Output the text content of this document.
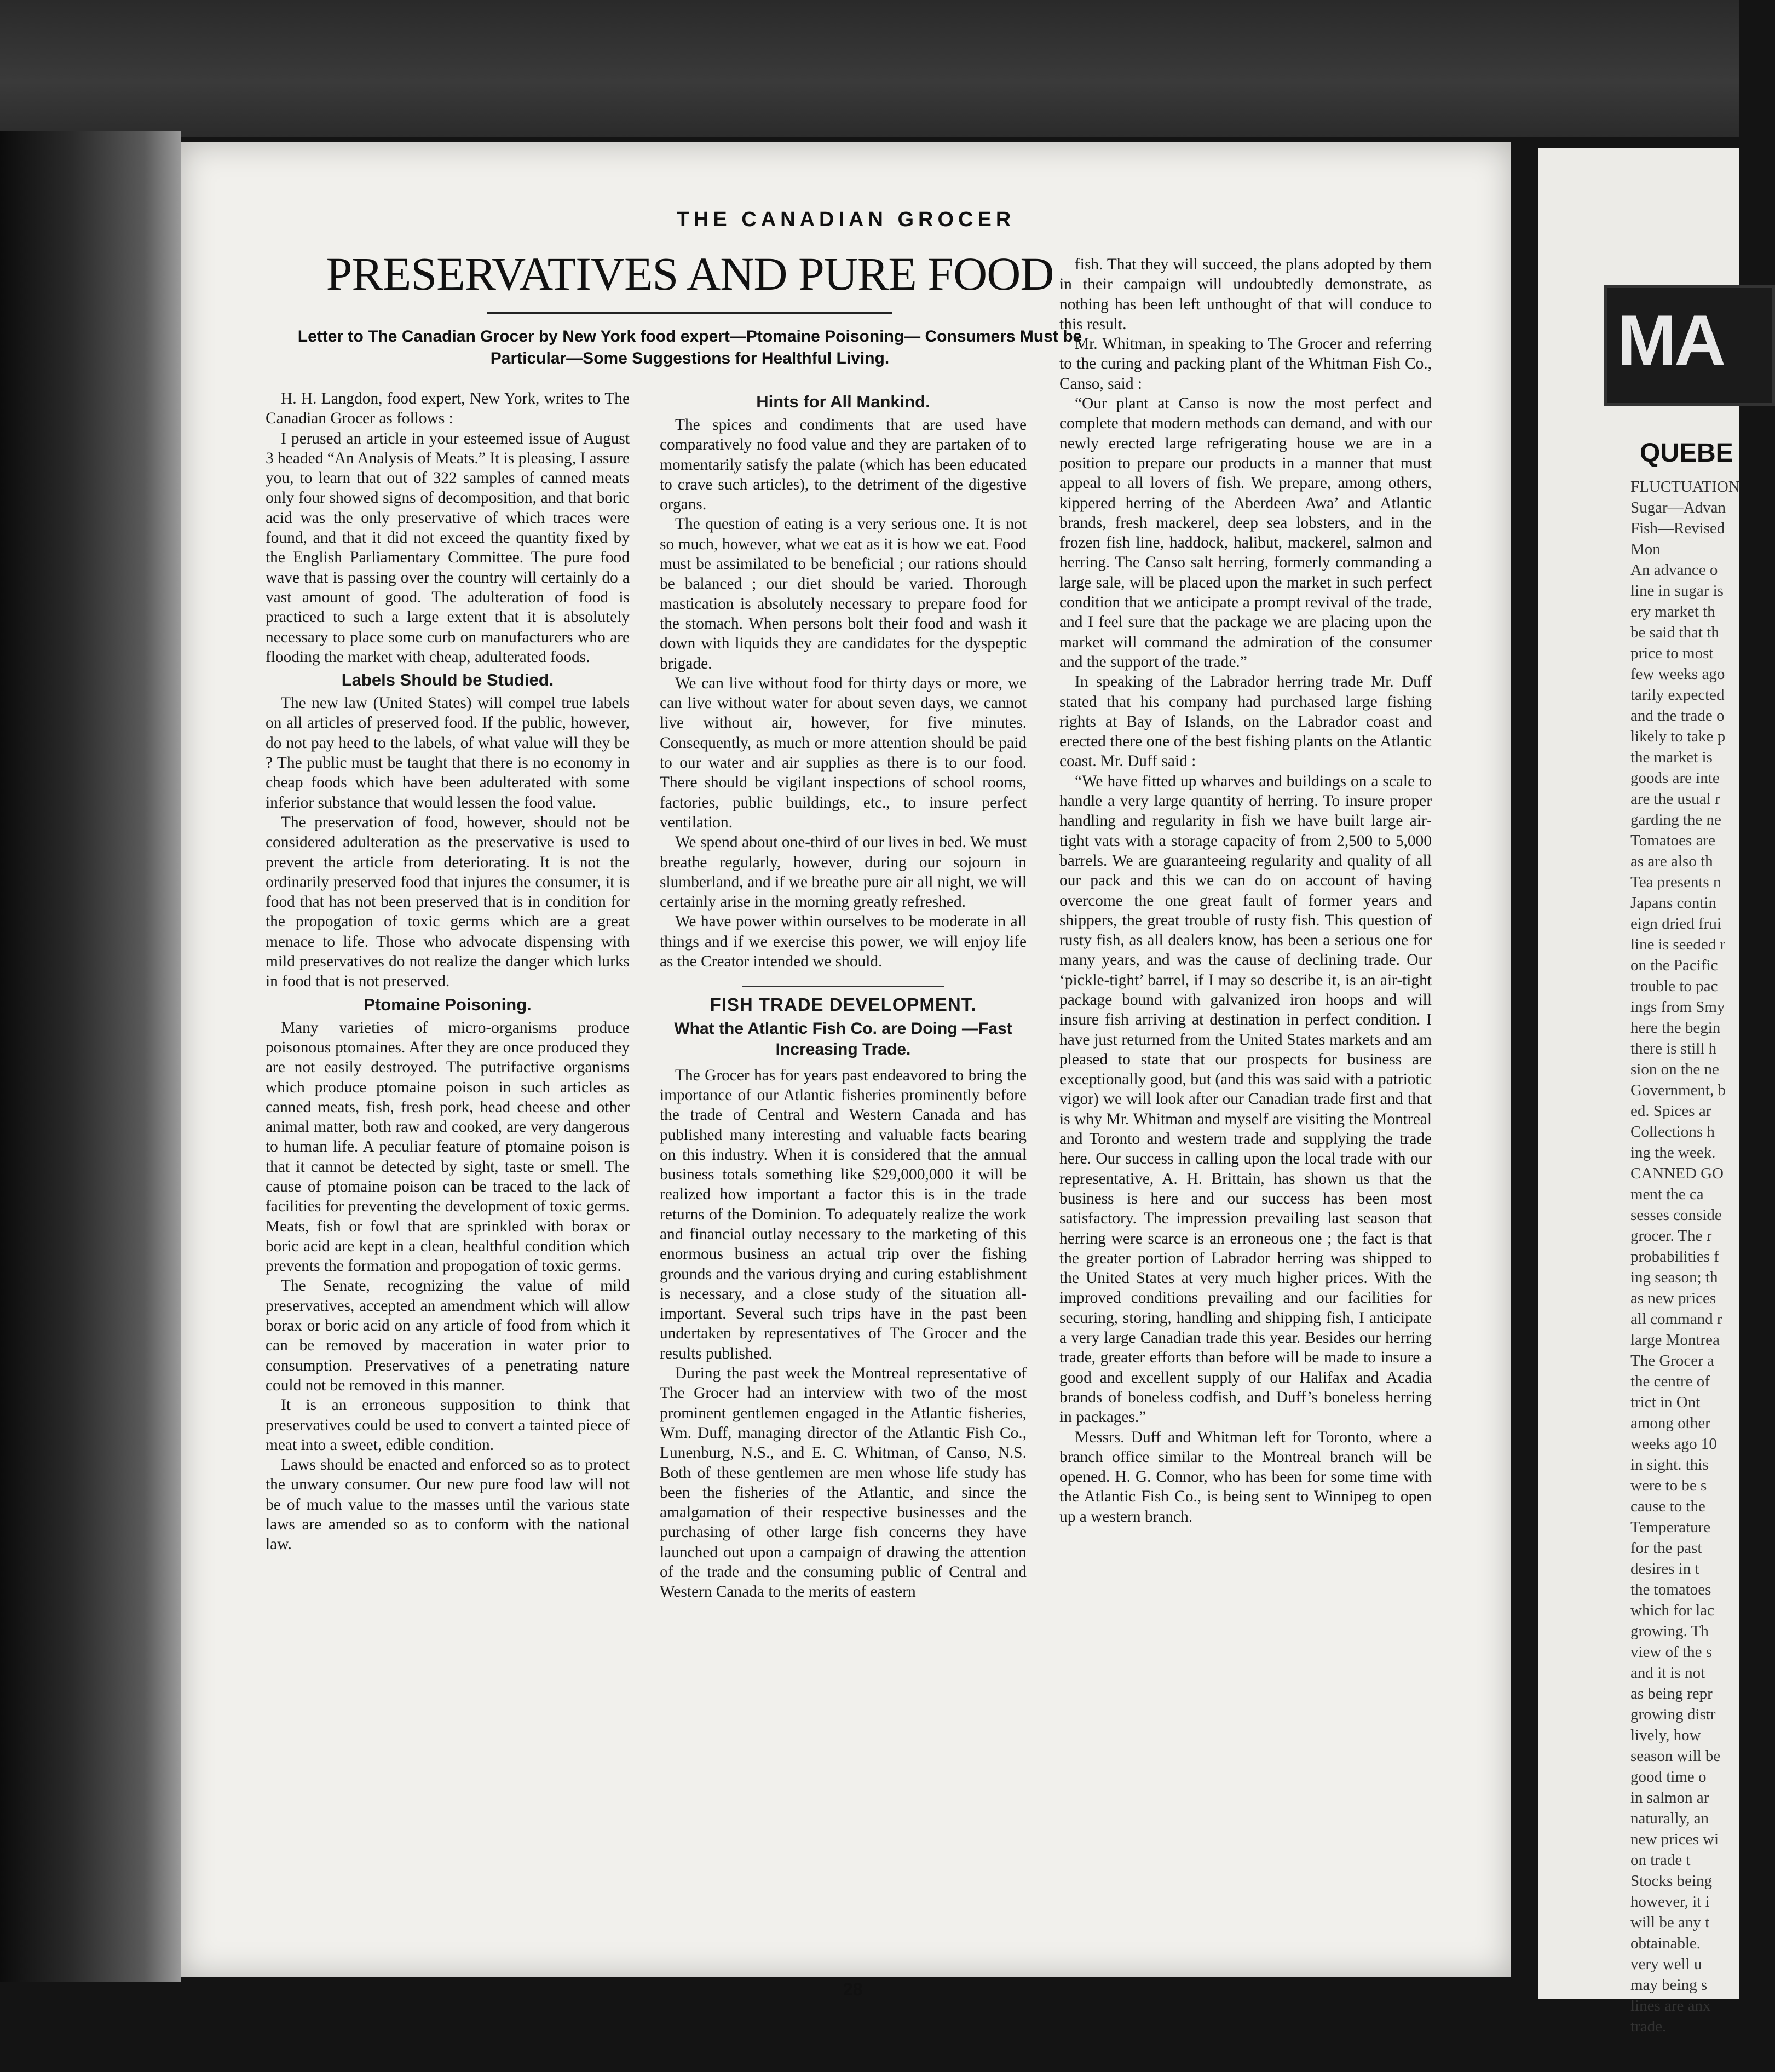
THE CANADIAN GROCER
PRESERVATIVES AND PURE FOOD
Letter to The Canadian Grocer by New York food expert—Ptomaine Poisoning— Consumers Must be Particular—Some Suggestions for Healthful Living.

H. H. Langdon, food expert, New York, writes to The Canadian Grocer as follows :

I perused an article in your esteemed issue of August 3 headed “An Analysis of Meats.” It is pleasing, I assure you, to learn that out of 322 samples of canned meats only four showed signs of decomposition, and that boric acid was the only preservative of which traces were found, and that it did not exceed the quantity fixed by the English Parliamentary Committee. The pure food wave that is passing over the country will certainly do a vast amount of good. The adulteration of food is practiced to such a large extent that it is absolutely necessary to place some curb on manufacturers who are flooding the market with cheap, adulterated foods.

Labels Should be Studied.

The new law (United States) will compel true labels on all articles of preserved food. If the public, however, do not pay heed to the labels, of what value will they be ? The public must be taught that there is no economy in cheap foods which have been adulterated with some inferior substance that would lessen the food value.

The preservation of food, however, should not be considered adulteration as the preservative is used to prevent the article from deteriorating. It is not the ordinarily preserved food that injures the consumer, it is food that has not been preserved that is in condition for the propogation of toxic germs which are a great menace to life. Those who advocate dispensing with mild preservatives do not realize the danger which lurks in food that is not preserved.

Ptomaine Poisoning.

Many varieties of micro-organisms produce poisonous ptomaines. After they are once produced they are not easily destroyed. The putrifactive organisms which produce ptomaine poison in such articles as canned meats, fish, fresh pork, head cheese and other animal matter, both raw and cooked, are very dangerous to human life. A peculiar feature of ptomaine poison is that it cannot be detected by sight, taste or smell. The cause of ptomaine poison can be traced to the lack of facilities for preventing the development of toxic germs. Meats, fish or fowl that are sprinkled with borax or boric acid are kept in a clean, healthful condition which prevents the formation and propogation of toxic germs.

The Senate, recognizing the value of mild preservatives, accepted an amendment which will allow borax or boric acid on any article of food from which it can be removed by maceration in water prior to consumption. Preservatives of a penetrating nature could not be removed in this manner.

It is an erroneous supposition to think that preservatives could be used to convert a tainted piece of meat into a sweet, edible condition.

Laws should be enacted and enforced so as to protect the unwary consumer. Our new pure food law will not be of much value to the masses until the various state laws are amended so as to conform with the national law.

Hints for All Mankind.

The spices and condiments that are used have comparatively no food value and they are partaken of to momentarily satisfy the palate (which has been educated to crave such articles), to the detriment of the digestive organs.

The question of eating is a very serious one. It is not so much, however, what we eat as it is how we eat. Food must be assimilated to be beneficial ; our rations should be balanced ; our diet should be varied. Thorough mastication is absolutely necessary to prepare food for the stomach. When persons bolt their food and wash it down with liquids they are candidates for the dyspeptic brigade.

We can live without food for thirty days or more, we can live without water for about seven days, we cannot live without air, however, for five minutes. Consequently, as much or more attention should be paid to our water and air supplies as there is to our food. There should be vigilant inspections of school rooms, factories, public buildings, etc., to insure perfect ventilation.

We spend about one-third of our lives in bed. We must breathe regularly, however, during our sojourn in slumberland, and if we breathe pure air all night, we will certainly arise in the morning greatly refreshed.

We have power within ourselves to be moderate in all things and if we exercise this power, we will enjoy life as the Creator intended we should.

FISH TRADE DEVELOPMENT.
What the Atlantic Fish Co. are Doing —Fast Increasing Trade.

The Grocer has for years past endeavored to bring the importance of our Atlantic fisheries prominently before the trade of Central and Western Canada and has published many interesting and valuable facts bearing on this industry. When it is considered that the annual business totals something like $29,000,000 it will be realized how important a factor this is in the trade returns of the Dominion. To adequately realize the work and financial outlay necessary to the marketing of this enormous business an actual trip over the fishing grounds and the various drying and curing establishment is necessary, and a close study of the situation all-important. Several such trips have in the past been undertaken by representatives of The Grocer and the results published.

During the past week the Montreal representative of The Grocer had an interview with two of the most prominent gentlemen engaged in the Atlantic fisheries, Wm. Duff, managing director of the Atlantic Fish Co., Lunenburg, N.S., and E. C. Whitman, of Canso, N.S. Both of these gentlemen are men whose life study has been the fisheries of the Atlantic, and since the amalgamation of their respective businesses and the purchasing of other large fish concerns they have launched out upon a campaign of drawing the attention of the trade and the consuming public of Central and Western Canada to the merits of eastern

fish. That they will succeed, the plans adopted by them in their campaign will undoubtedly demonstrate, as nothing has been left unthought of that will conduce to this result.

Mr. Whitman, in speaking to The Grocer and referring to the curing and packing plant of the Whitman Fish Co., Canso, said :

“Our plant at Canso is now the most perfect and complete that modern methods can demand, and with our newly erected large refrigerating house we are in a position to prepare our products in a manner that must appeal to all lovers of fish. We prepare, among others, kippered herring of the Aberdeen Awa’ and Atlantic brands, fresh mackerel, deep sea lobsters, and in the frozen fish line, haddock, halibut, mackerel, salmon and herring. The Canso salt herring, formerly commanding a large sale, will be placed upon the market in such perfect condition that we anticipate a prompt revival of the trade, and I feel sure that the package we are placing upon the market will command the admiration of the consumer and the support of the trade.”

In speaking of the Labrador herring trade Mr. Duff stated that his company had purchased large fishing rights at Bay of Islands, on the Labrador coast and erected there one of the best fishing plants on the Atlantic coast. Mr. Duff said :

“We have fitted up wharves and buildings on a scale to handle a very large quantity of herring. To insure proper handling and regularity in fish we have built large air-tight vats with a storage capacity of from 2,500 to 5,000 barrels. We are guaranteeing regularity and quality of all our pack and this we can do on account of having overcome the one great fault of former years and shippers, the great trouble of rusty fish. This question of rusty fish, as all dealers know, has been a serious one for many years, and was the cause of declining trade. Our ‘pickle-tight’ barrel, if I may so describe it, is an air-tight package bound with galvanized iron hoops and will insure fish arriving at destination in perfect condition. I have just returned from the United States markets and am pleased to state that our prospects for business are exceptionally good, but (and this was said with a patriotic vigor) we will look after our Canadian trade first and that is why Mr. Whitman and myself are visiting the Montreal and Toronto and western trade and supplying the trade here. Our success in calling upon the local trade with our representative, A. H. Brittain, has shown us that the business is here and our success has been most satisfactory. The impression prevailing last season that herring were scarce is an erroneous one ; the fact is that the greater portion of Labrador herring was shipped to the United States at very much higher prices. With the improved conditions prevailing and our facilities for securing, storing, handling and shipping fish, I anticipate a very large Canadian trade this year. Besides our herring trade, greater efforts than before will be made to insure a good and excellent supply of our Halifax and Acadia brands of boneless codfish, and Duff’s boneless herring in packages.”

Messrs. Duff and Whitman left for Toronto, where a branch office similar to the Montreal branch will be opened. H. G. Connor, who has been for some time with the Atlantic Fish Co., is being sent to Winnipeg to open up a western branch.

28
MA
QUEBE
FLUCTUATION
Sugar—Advan
Fish—Revised
Mon
An advance o
line in sugar is
ery market th
be said that th
price to most
few weeks ago
tarily expected
and the trade o
likely to take p
the market is
goods are inte
are the usual r
garding the ne
Tomatoes are
as are also th
Tea presents n
Japans contin
eign dried frui
line is seeded r
on the Pacific
trouble to pac
ings from Smy
here the begin
there is still h
sion on the ne
Government, b
ed. Spices ar
Collections h
ing the week.
CANNED GO
ment the ca
sesses conside
grocer. The r
probabilities f
ing season; th
as new prices
all command r
large Montrea
The Grocer a
the centre of
trict in Ont
among other
weeks ago 10
in sight. this
were to be s
cause to the
Temperature
for the past
desires in t
the tomatoes
which for lac
growing. Th
view of the s
and it is not
as being repr
growing distr
lively, how
season will be
good time o
in salmon ar
naturally, an
new prices wi
on trade t
Stocks being
however, it i
will be any t
obtainable.
very well u
may being s
lines are anx
trade.
